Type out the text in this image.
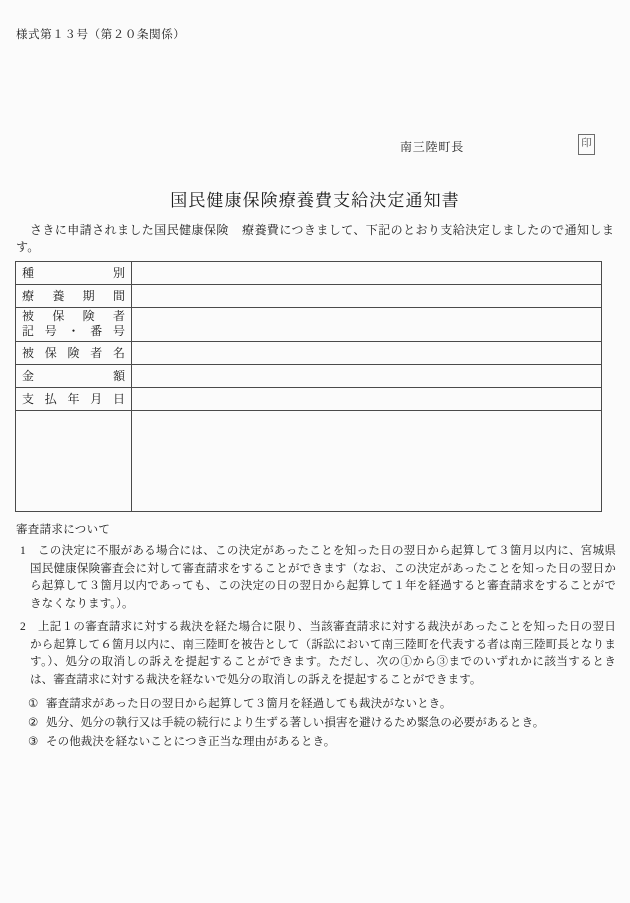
様式第１３号（第２０条関係）
南三陸町長	印
国民健康保険療養費支給決定通知書
さきに申請されました国民健康保険 療養費につきまして、下記のとおり支給決定しましたので通知します。
種 別	

療 養 期 間	

被 保 険 者
記 号 ・ 番 号

被 保 険 者 名	

金 額	

支 払 年 月 日	

審査請求について
1	この決定に不服がある場合には、この決定があったことを知った日の翌日から起算して３箇月以内に、宮城県国民健康保険審査会に対して審査請求をすることができます（なお、この決定があったことを知った日の翌日から起算して３箇月以内であっても、この決定の日の翌日から起算して１年を経過すると審査請求をすることができなくなります。）。
2	上記１の審査請求に対する裁決を経た場合に限り、当該審査請求に対する裁決があったことを知った日の翌日から起算して６箇月以内に、南三陸町を被告として（訴訟において南三陸町を代表する者は南三陸町長となります。）、処分の取消しの訴えを提起することができます。ただし、次の①から③までのいずれかに該当するときは、審査請求に対する裁決を経ないで処分の取消しの訴えを提起することができます。
① 審査請求があった日の翌日から起算して３箇月を経過しても裁決がないとき。
② 処分、処分の執行又は手続の続行により生ずる著しい損害を避けるため緊急の必要があるとき。
③ その他裁決を経ないことにつき正当な理由があるとき。
